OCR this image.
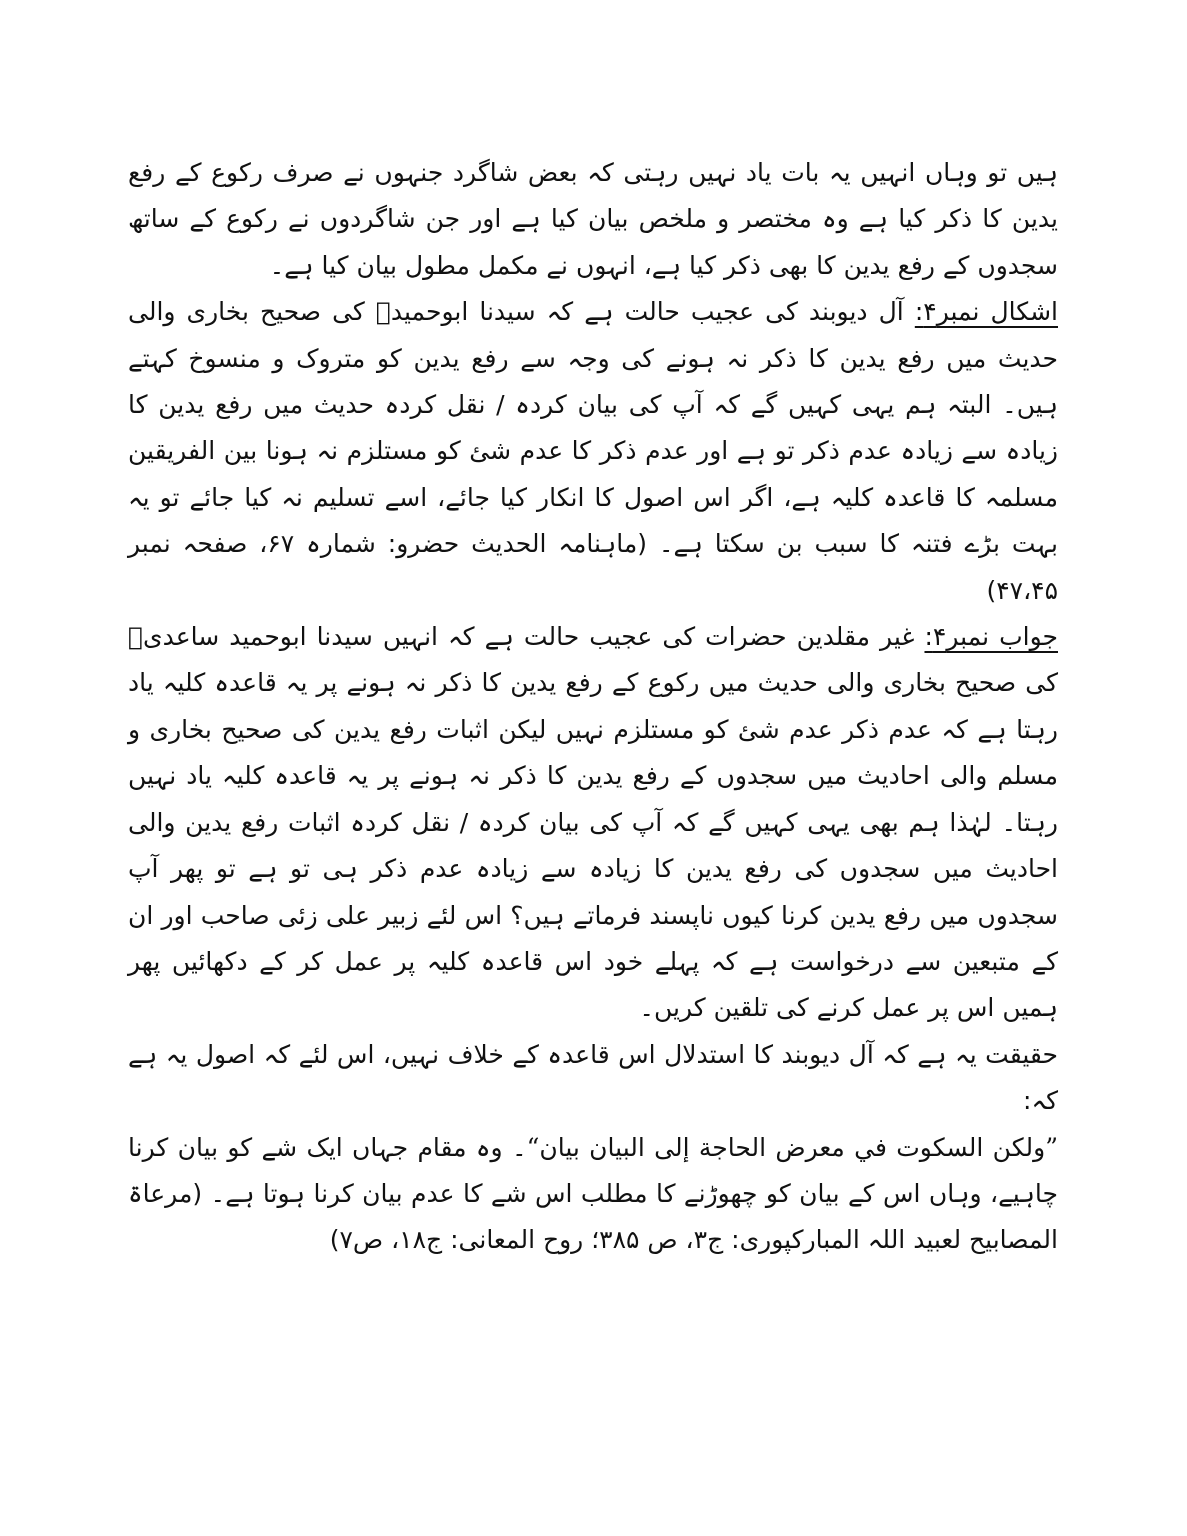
ہیں تو وہاں انہیں یہ بات یاد نہیں رہتی کہ بعض شاگرد جنہوں نے صرف رکوع کے رفع یدین کا ذکر کیا ہے وہ مختصر و ملخص بیان کیا ہے اور جن شاگردوں نے رکوع کے ساتھ سجدوں کے رفع یدین کا بھی ذکر کیا ہے، انہوں نے مکمل مطول بیان کیا ہے۔

اشکال نمبر۴: آل دیوبند کی عجیب حالت ہے کہ سیدنا ابوحمیدؓ کی صحیح بخاری والی حدیث میں رفع یدین کا ذکر نہ ہونے کی وجہ سے رفع یدین کو متروک و منسوخ کہتے ہیں۔ البتہ ہم یہی کہیں گے کہ آپ کی بیان کردہ / نقل کردہ حدیث میں رفع یدین کا زیادہ سے زیادہ عدم ذکر تو ہے اور عدم ذکر کا عدم شئ کو مستلزم نہ ہونا بین الفریقین مسلمہ کا قاعدہ کلیہ ہے، اگر اس اصول کا انکار کیا جائے، اسے تسلیم نہ کیا جائے تو یہ بہت بڑے فتنہ کا سبب بن سکتا ہے۔ (ماہنامہ الحدیث حضرو: شمارہ ۶۷، صفحہ نمبر ۴۷،۴۵)

جواب نمبر۴: غیر مقلدین حضرات کی عجیب حالت ہے کہ انہیں سیدنا ابوحمید ساعدیؓ کی صحیح بخاری والی حدیث میں رکوع کے رفع یدین کا ذکر نہ ہونے پر یہ قاعدہ کلیہ یاد رہتا ہے کہ عدم ذکر عدم شئ کو مستلزم نہیں لیکن اثبات رفع یدین کی صحیح بخاری و مسلم والی احادیث میں سجدوں کے رفع یدین کا ذکر نہ ہونے پر یہ قاعدہ کلیہ یاد نہیں رہتا۔ لہٰذا ہم بھی یہی کہیں گے کہ آپ کی بیان کردہ / نقل کردہ اثبات رفع یدین والی احادیث میں سجدوں کی رفع یدین کا زیادہ سے زیادہ عدم ذکر ہی تو ہے تو پھر آپ سجدوں میں رفع یدین کرنا کیوں ناپسند فرماتے ہیں؟ اس لئے زبیر علی زئی صاحب اور ان کے متبعین سے درخواست ہے کہ پہلے خود اس قاعدہ کلیہ پر عمل کر کے دکھائیں پھر ہمیں اس پر عمل کرنے کی تلقین کریں۔

حقیقت یہ ہے کہ آل دیوبند کا استدلال اس قاعدہ کے خلاف نہیں، اس لئے کہ اصول یہ ہے کہ:

”ولكن السكوت في معرض الحاجة إلى البيان بيان“۔ وہ مقام جہاں ایک شے کو بیان کرنا چاہیے، وہاں اس کے بیان کو چھوڑنے کا مطلب اس شے کا عدم بیان کرنا ہوتا ہے۔ (مرعاۃ المصابیح لعبید اللہ المبارکپوری: ج۳، ص ۳۸۵؛ روح المعانی: ج۱۸، ص۷)
